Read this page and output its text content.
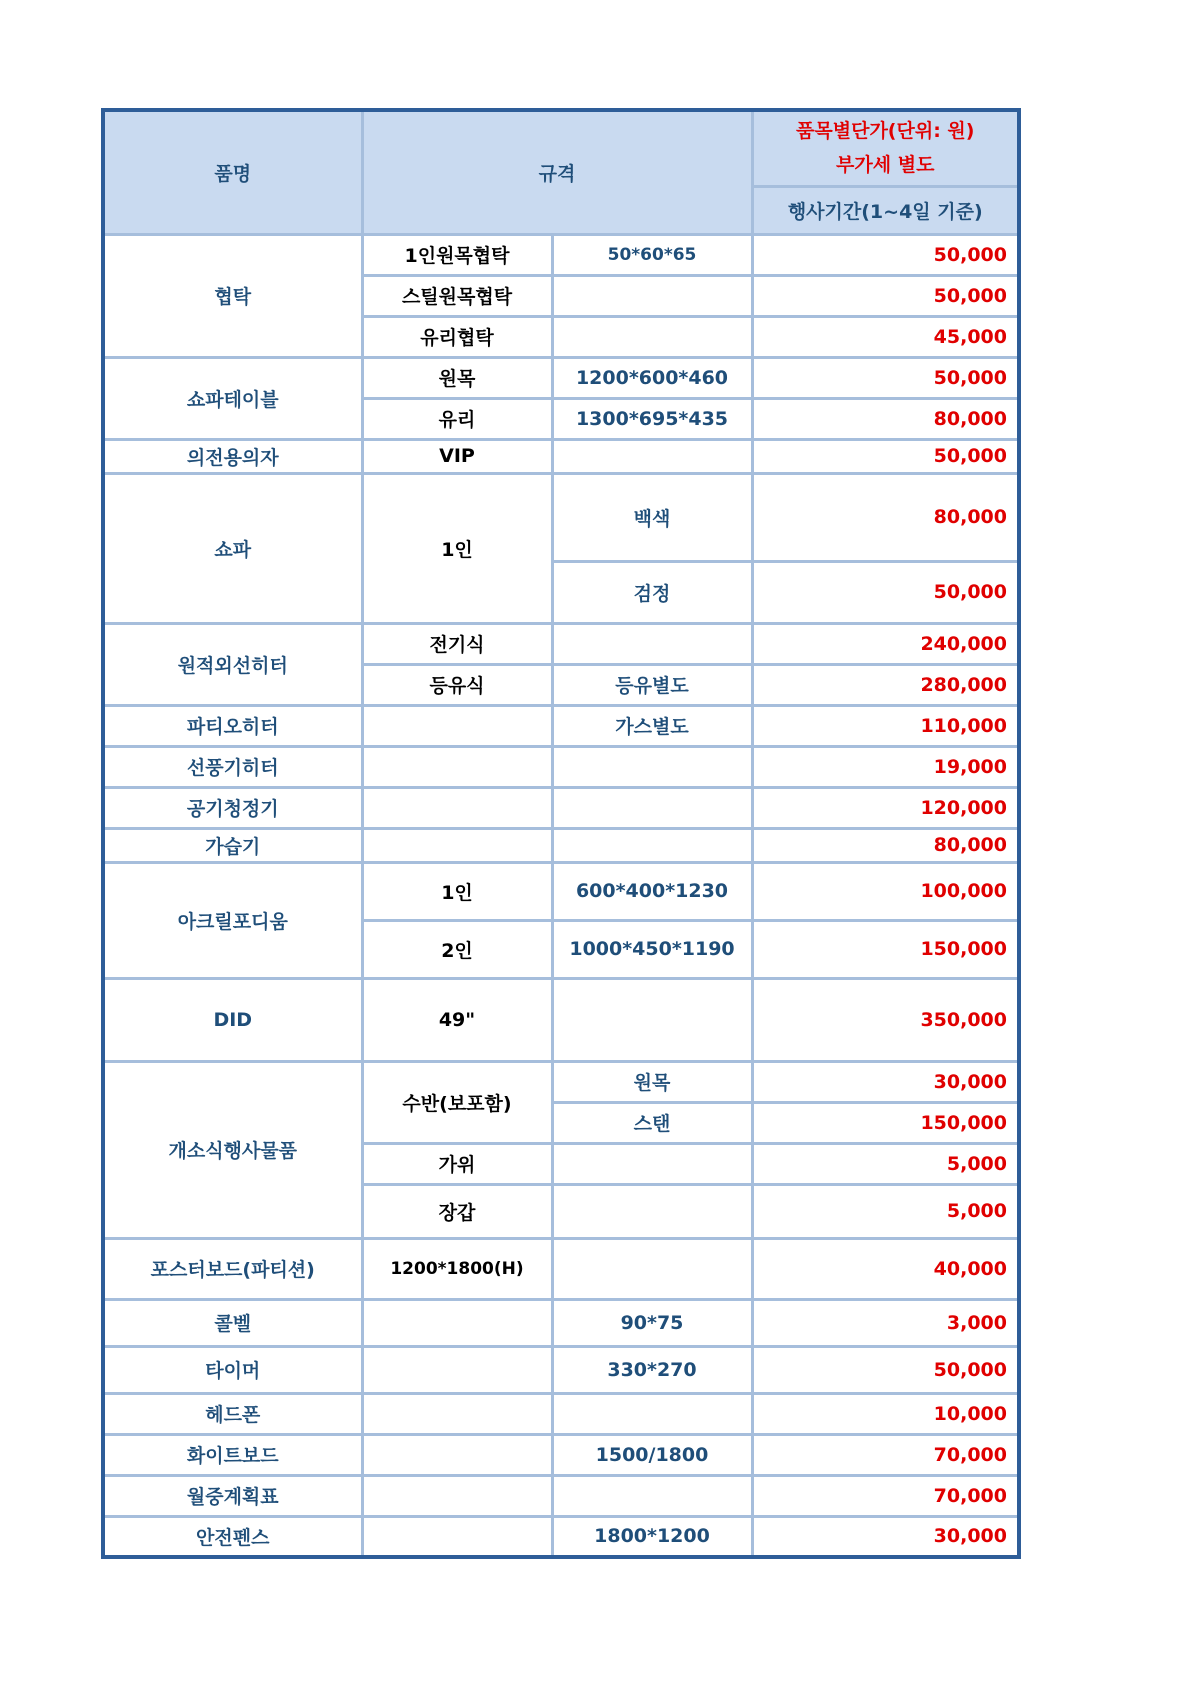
품명	규격		품목별단가(단위: 원)
부가세 별도

			행사기간(1~4일 기준)
협탁	1인원목협탁	50*60*65	50,000
	스틸원목협탁		50,000
	유리협탁		45,000
쇼파테이블	원목	1200*600*460	50,000
	유리	1300*695*435	80,000
의전용의자	VIP		50,000
쇼파	1인	백색	80,000
		검정	50,000
원적외선히터	전기식		240,000
	등유식	등유별도	280,000
파티오히터		가스별도	110,000
선풍기히터			19,000
공기청정기			120,000
가습기			80,000
아크릴포디움	1인	600*400*1230	100,000
	2인	1000*450*1190	150,000
DID	49"		350,000
개소식행사물품	수반(보포함)	원목	30,000
		스탠	150,000
	가위		5,000
	장갑		5,000
포스터보드(파티션)	1200*1800(H)		40,000
콜벨		90*75	3,000
타이머		330*270	50,000
헤드폰			10,000
화이트보드		1500/1800	70,000
월중계획표			70,000
안전펜스		1800*1200	30,000
